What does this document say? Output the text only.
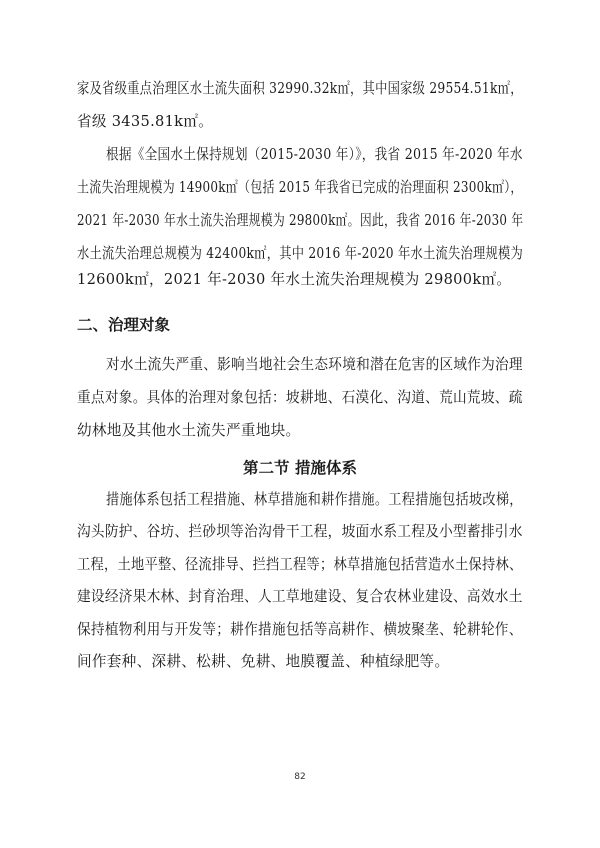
家及省级重点治理区水土流失面积 32990.32k㎡，其中国家级 29554.51k㎡，
省级 3435.81k㎡。
根据《全国水土保持规划（2015-2030 年）》，我省 2015 年-2020 年水
土流失治理规模为 14900k㎡（包括 2015 年我省已完成的治理面积 2300k㎡），
2021 年-2030 年水土流失治理规模为 29800k㎡。因此，我省 2016 年-2030 年
水土流失治理总规模为 42400k㎡，其中 2016 年-2020 年水土流失治理规模为
12600k㎡，2021 年-2030 年水土流失治理规模为 29800k㎡。
二、治理对象
对水土流失严重、影响当地社会生态环境和潜在危害的区域作为治理
重点对象。具体的治理对象包括：坡耕地、石漠化、沟道、荒山荒坡、疏
幼林地及其他水土流失严重地块。
第二节 措施体系
措施体系包括工程措施、林草措施和耕作措施。工程措施包括坡改梯，
沟头防护、谷坊、拦砂坝等治沟骨干工程，坡面水系工程及小型蓄排引水
工程，土地平整、径流排导、拦挡工程等；林草措施包括营造水土保持林、
建设经济果木林、封育治理、人工草地建设、复合农林业建设、高效水土
保持植物利用与开发等；耕作措施包括等高耕作、横坡聚垄、轮耕轮作、
间作套种、深耕、松耕、免耕、地膜覆盖、种植绿肥等。
82
